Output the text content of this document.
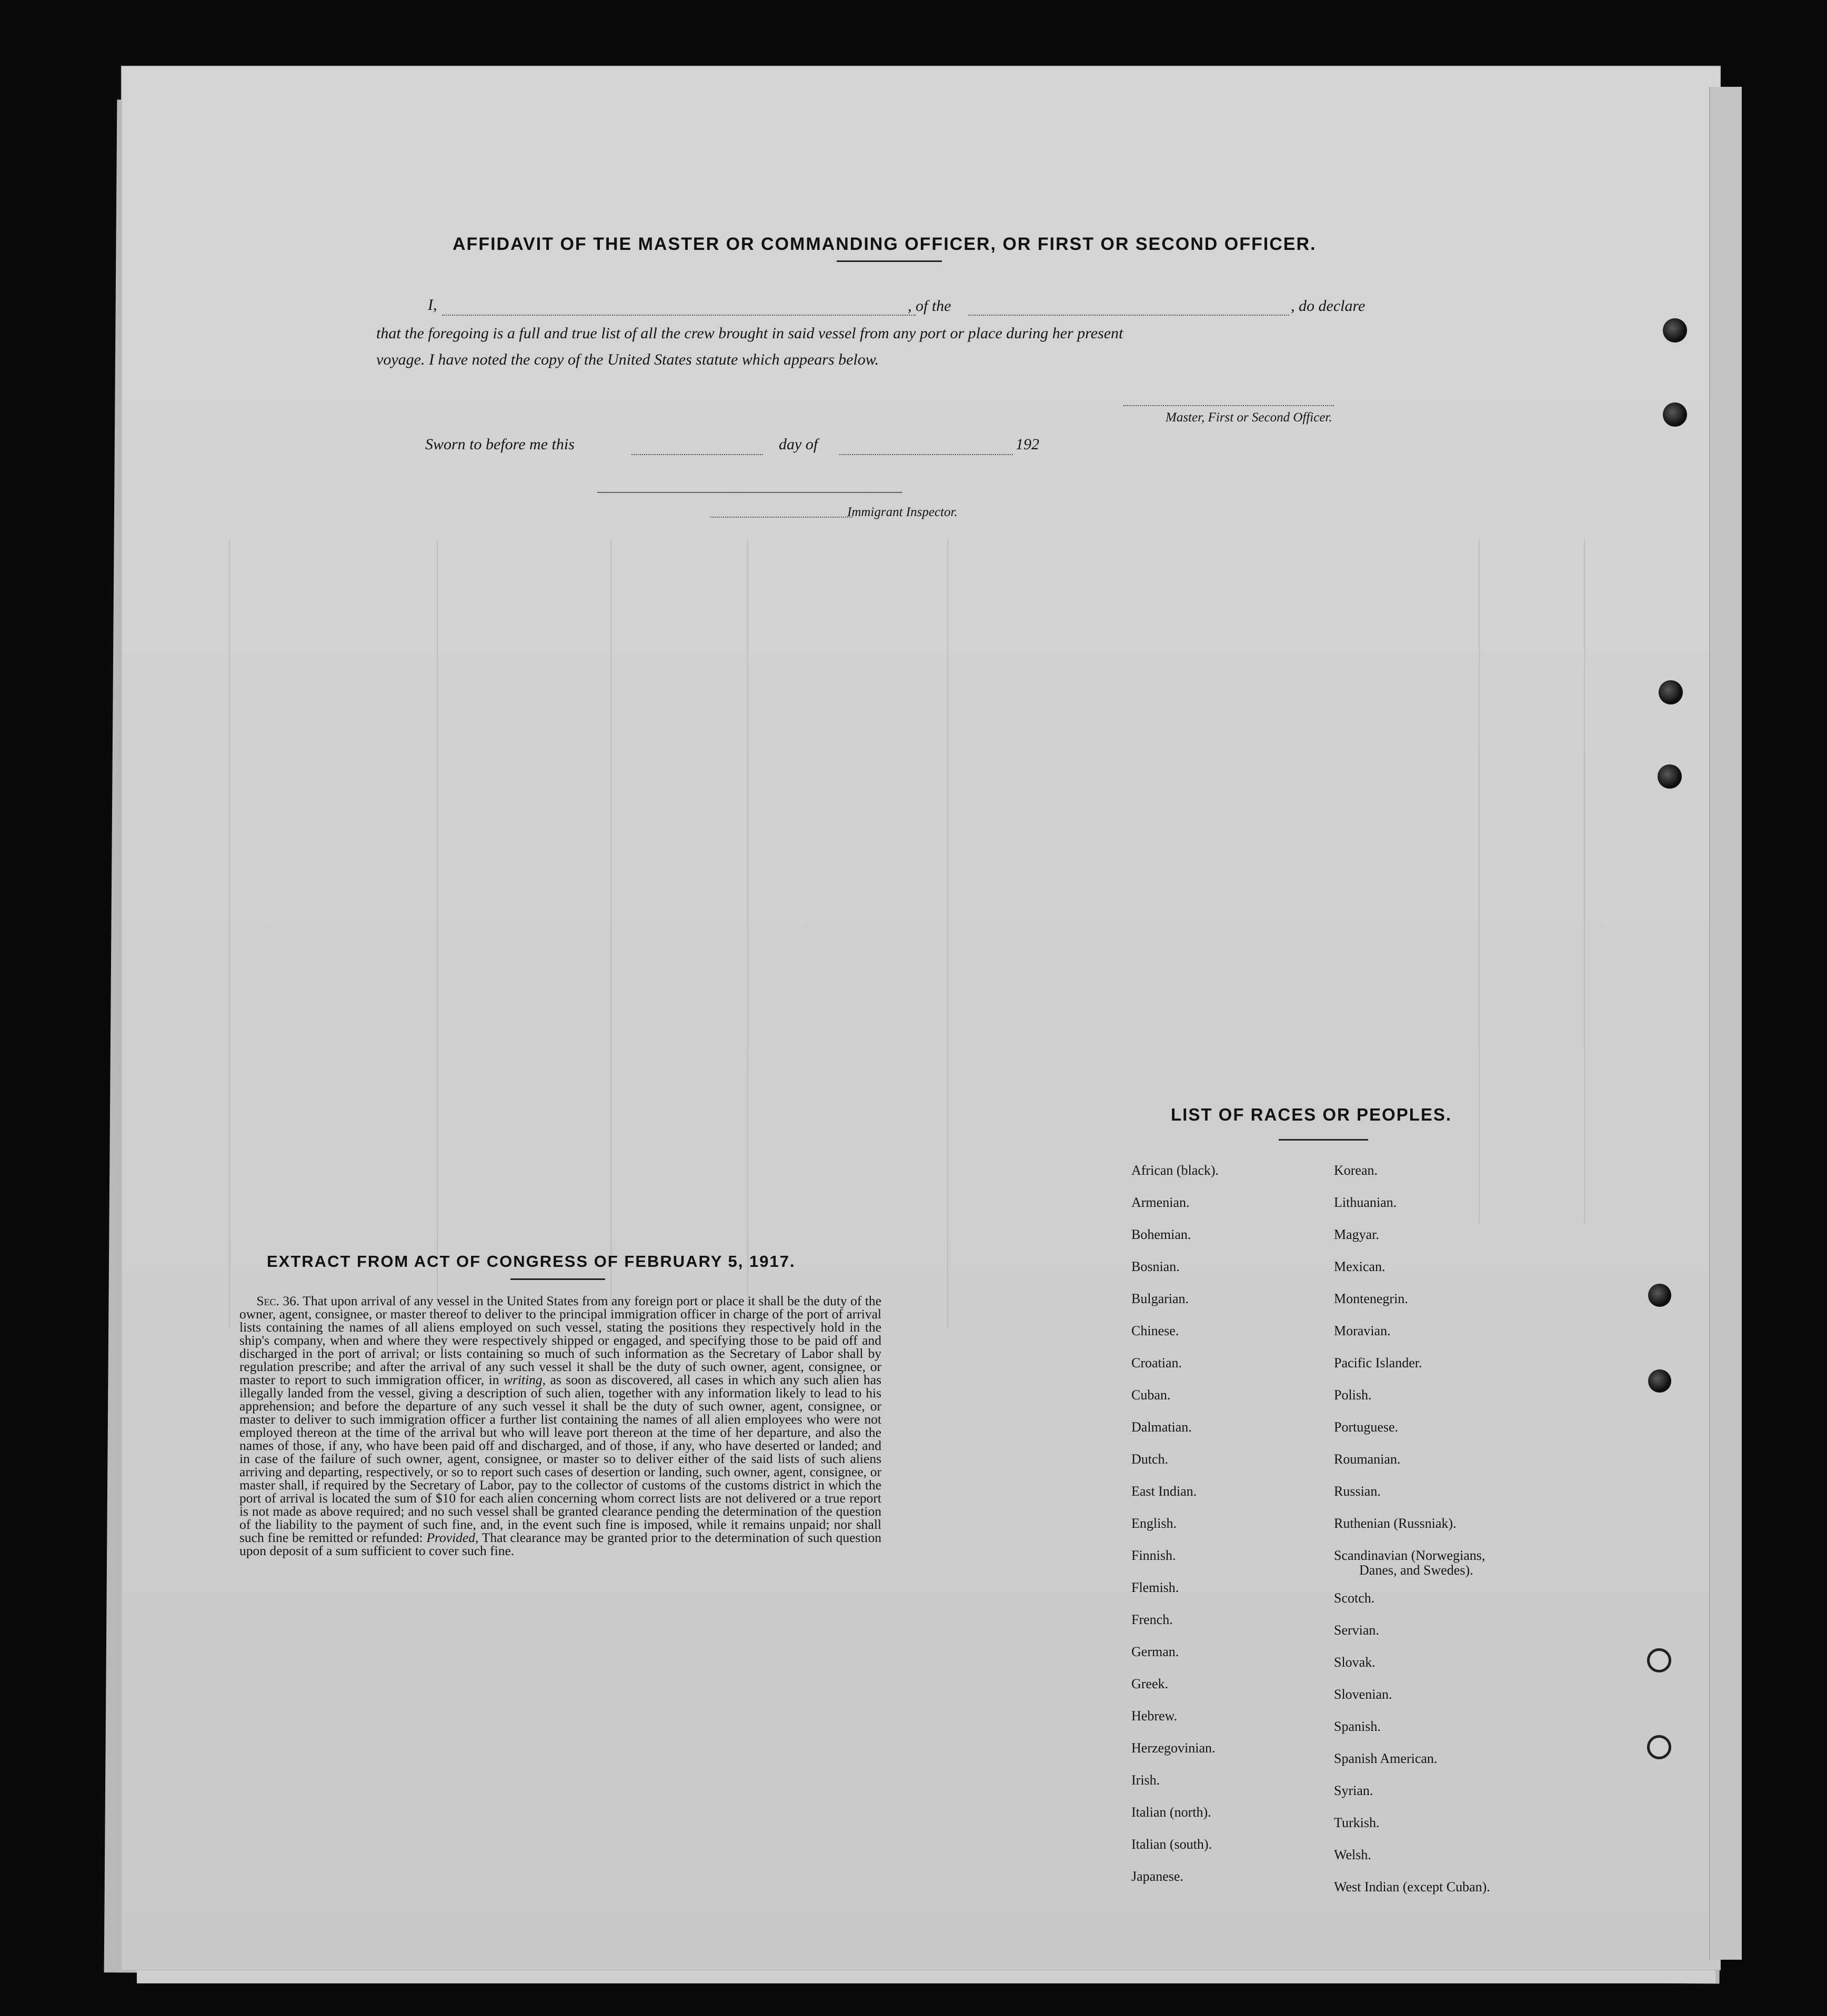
AFFIDAVIT OF THE MASTER OR COMMANDING OFFICER, OR FIRST OR SECOND OFFICER.
I,	, of the	, do declare
that the foregoing is a full and true list of all the crew brought in said vessel from any port or place during her present
voyage. I have noted the copy of the United States statute which appears below.
Master, First or Second Officer.
Sworn to before me this	day of	192
Immigrant Inspector.
EXTRACT FROM ACT OF CONGRESS OF FEBRUARY 5, 1917.
Sec. 36. That upon arrival of any vessel in the United States from any foreign port or place it shall be the duty of the owner, agent, consignee, or master thereof to deliver to the principal immigration officer in charge of the port of arrival lists containing the names of all aliens employed on such vessel, stating the positions they respectively hold in the ship's company, when and where they were respectively shipped or engaged, and specifying those to be paid off and discharged in the port of arrival; or lists containing so much of such information as the Secretary of Labor shall by regulation prescribe; and after the arrival of any such vessel it shall be the duty of such owner, agent, consignee, or master to report to such immigration officer, in writing, as soon as discovered, all cases in which any such alien has illegally landed from the vessel, giving a description of such alien, together with any information likely to lead to his apprehension; and before the departure of any such vessel it shall be the duty of such owner, agent, consignee, or master to deliver to such immigration officer a further list containing the names of all alien employees who were not employed thereon at the time of the arrival but who will leave port thereon at the time of her departure, and also the names of those, if any, who have been paid off and discharged, and of those, if any, who have deserted or landed; and in case of the failure of such owner, agent, consignee, or master so to deliver either of the said lists of such aliens arriving and departing, respectively, or so to report such cases of desertion or landing, such owner, agent, consignee, or master shall, if required by the Secretary of Labor, pay to the collector of customs of the customs district in which the port of arrival is located the sum of $10 for each alien concerning whom correct lists are not delivered or a true report is not made as above required; and no such vessel shall be granted clearance pending the determination of the question of the liability to the payment of such fine, and, in the event such fine is imposed, while it remains unpaid; nor shall such fine be remitted or refunded: Provided, That clearance may be granted prior to the determination of such question upon deposit of a sum sufficient to cover such fine.
LIST OF RACES OR PEOPLES.
African (black).
Armenian.
Bohemian.
Bosnian.
Bulgarian.
Chinese.
Croatian.
Cuban.
Dalmatian.
Dutch.
East Indian.
English.
Finnish.
Flemish.
French.
German.
Greek.
Hebrew.
Herzegovinian.
Irish.
Italian (north).
Italian (south).
Japanese.
Korean.
Lithuanian.
Magyar.
Mexican.
Montenegrin.
Moravian.
Pacific Islander.
Polish.
Portuguese.
Roumanian.
Russian.
Ruthenian (Russniak).
Scandinavian (Norwegians,
Danes, and Swedes).
Scotch.
Servian.
Slovak.
Slovenian.
Spanish.
Spanish American.
Syrian.
Turkish.
Welsh.
West Indian (except Cuban).
